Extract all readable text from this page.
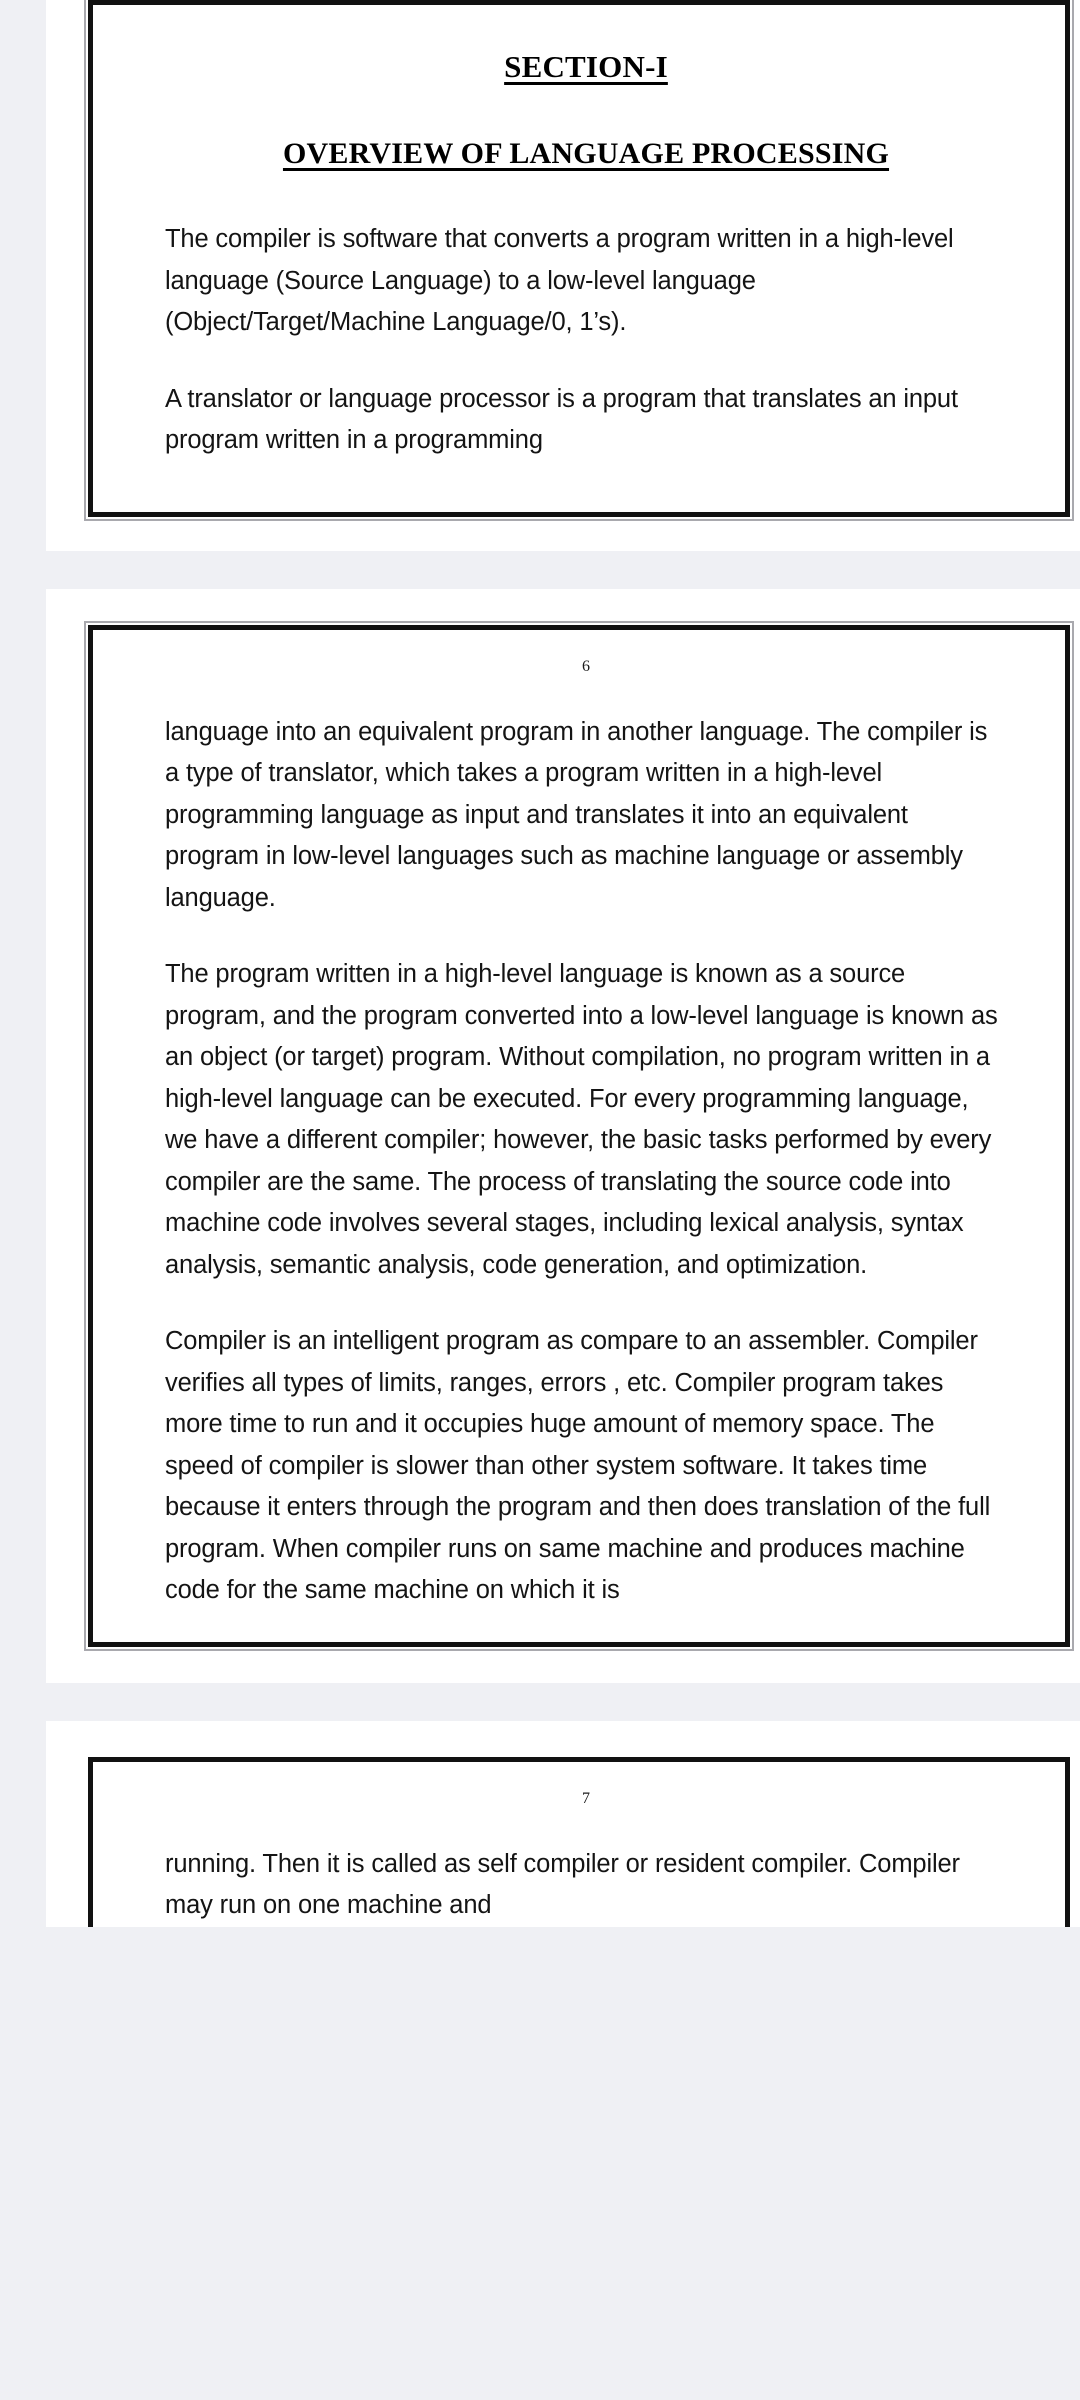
SECTION-I
OVERVIEW OF LANGUAGE PROCESSING

The compiler is software that converts a program written in a high-level language (Source Language) to a low-level language (Object/Target/Machine Language/0, 1’s).

A translator or language processor is a program that translates an input program written in a programming

6

language into an equivalent program in another language. The compiler is a type of translator, which takes a program written in a high-level programming language as input and translates it into an equivalent program in low-level languages such as machine language or assembly language.

The program written in a high-level language is known as a source program, and the program converted into a low-level language is known as an object (or target) program. Without compilation, no program written in a high-level language can be executed. For every programming language, we have a different compiler; however, the basic tasks performed by every compiler are the same. The process of translating the source code into machine code involves several stages, including lexical analysis, syntax analysis, semantic analysis, code generation, and optimization.

Compiler is an intelligent program as compare to an assembler. Compiler verifies all types of limits, ranges, errors , etc. Compiler program takes more time to run and it occupies huge amount of memory space. The speed of compiler is slower than other system software. It takes time because it enters through the program and then does translation of the full program. When compiler runs on same machine and produces machine code for the same machine on which it is

7

running. Then it is called as self compiler or resident compiler. Compiler may run on one machine and
